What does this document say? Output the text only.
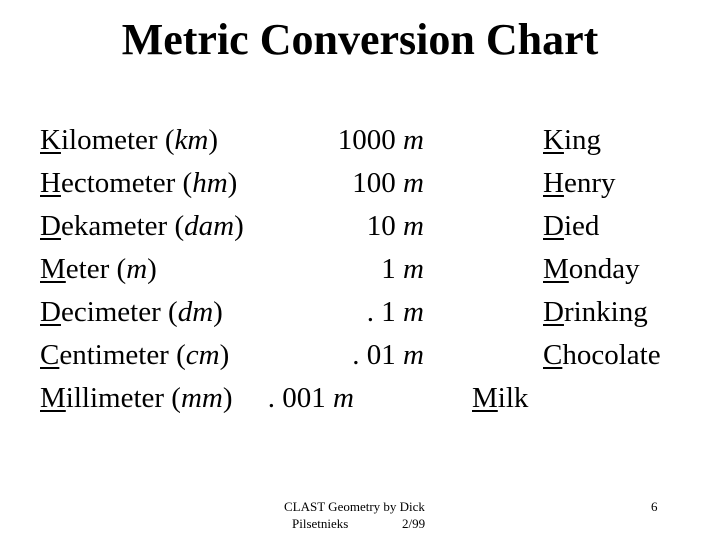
Metric Conversion Chart
Kilometer (km)
Hectometer (hm)
Dekameter (dam)
Meter (m)
Decimeter (dm)
Centimeter (cm)
Millimeter (mm)
1000 m
100 m
10 m
1 m
. 1 m
. 01 m
. 001 m
King
Henry
Died
Monday
Drinking
Chocolate
Milk
CLAST Geometry by Dick
Pilsetnieks	2/99
6
